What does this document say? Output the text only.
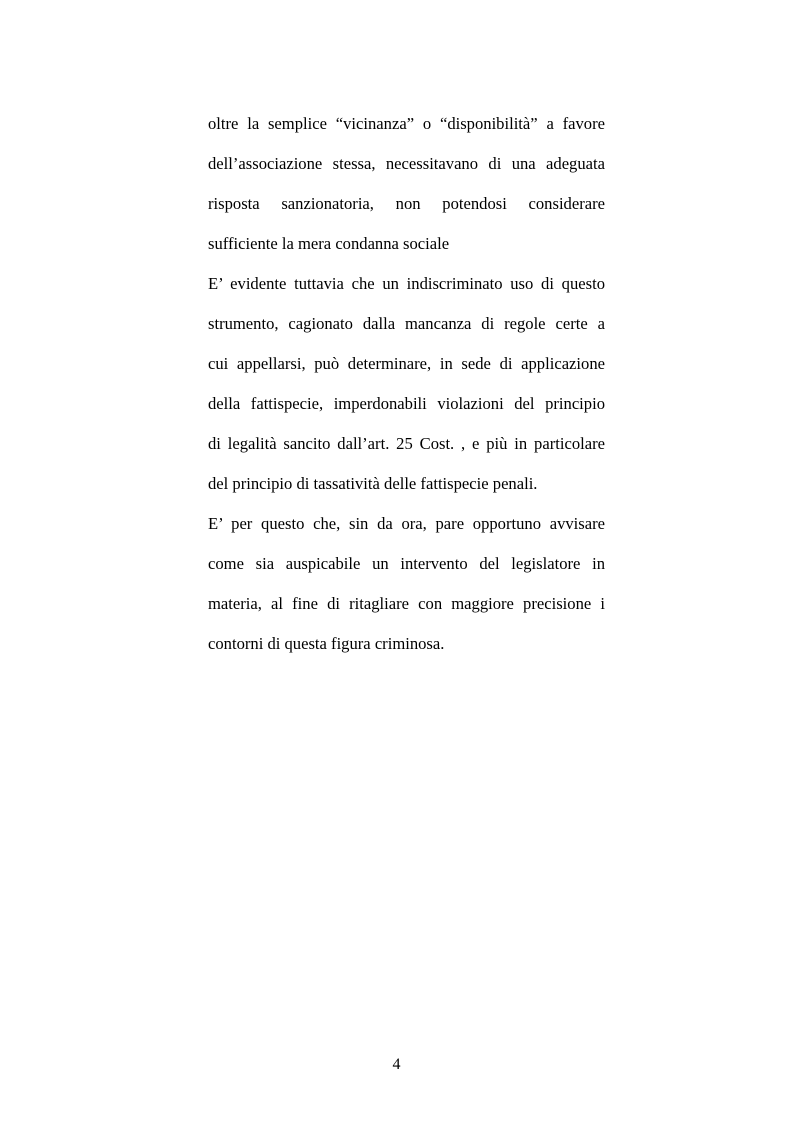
oltre la semplice “vicinanza” o “disponibilità” a favore
dell’associazione stessa, necessitavano di una adeguata
risposta sanzionatoria, non potendosi considerare
sufficiente la mera condanna sociale
E’ evidente tuttavia che un indiscriminato uso di questo
strumento, cagionato dalla mancanza di regole certe a
cui appellarsi, può determinare, in sede di applicazione
della fattispecie, imperdonabili violazioni del principio
di legalità sancito dall’art. 25 Cost. , e più in particolare
del principio di tassatività delle fattispecie penali.
E’ per questo che, sin da ora, pare opportuno avvisare
come sia auspicabile un intervento del legislatore in
materia, al fine di ritagliare con maggiore precisione i
contorni di questa figura criminosa.
4
